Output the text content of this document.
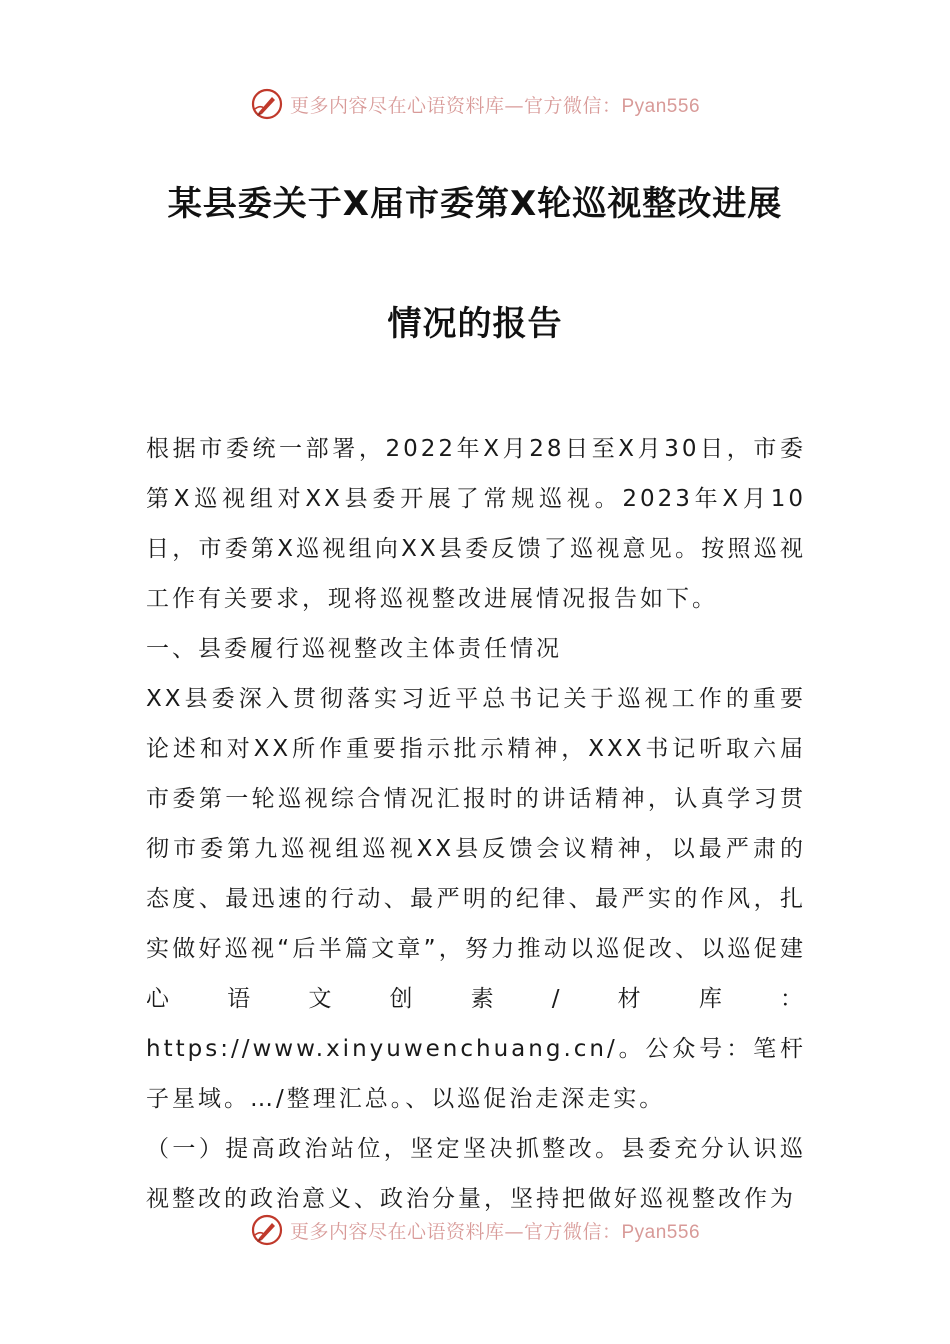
更多内容尽在心语资料库—官方微信：Pyan556
某县委关于X届市委第X轮巡视整改进展
情况的报告

根据市委统一部署，2022年X月28日至X月30日，市委第X巡视组对XX县委开展了常规巡视。2023年X月10日，市委第X巡视组向XX县委反馈了巡视意见。按照巡视工作有关要求，现将巡视整改进展情况报告如下。

一、县委履行巡视整改主体责任情况

XX县委深入贯彻落实习近平总书记关于巡视工作的重要论述和对XX所作重要指示批示精神，XXX书记听取六届市委第一轮巡视综合情况汇报时的讲话精神，认真学习贯彻市委第九巡视组巡视XX县反馈会议精神，以最严肃的态度、最迅速的行动、最严明的纪律、最严实的作风，扎实做好巡视“后半篇文章”，努力推动以巡促改、以巡促建心语文创素/材库：https://www.xinyuwenchuang.cn/。公众号：笔杆子星域。…/整理汇总。、以巡促治走深走实。

（一）提高政治站位，坚定坚决抓整改。县委充分认识巡视整改的政治意义、政治分量，坚持把做好巡视整改作为

更多内容尽在心语资料库—官方微信：Pyan556
